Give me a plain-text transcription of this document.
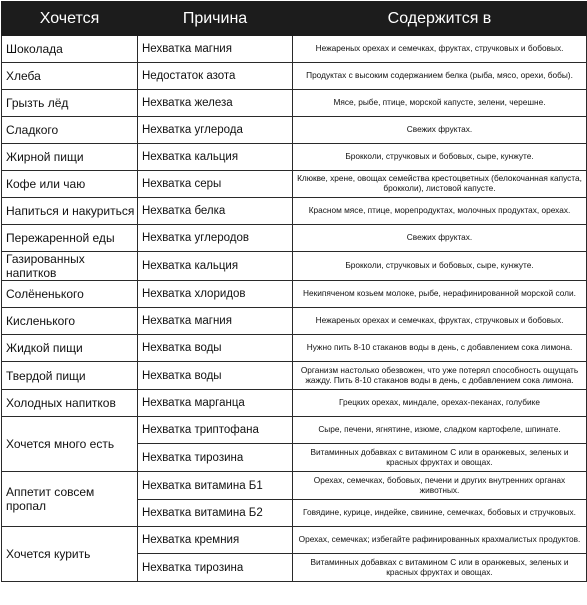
Хочется	Причина	Содержится в
Шоколада	Нехватка магния	Нежареных орехах и семечках, фруктах, стручковых и бобовых.
Хлеба	Недостаток азота	Продуктах с высоким содержанием белка (рыба, мясо, орехи, бобы).
Грызть лёд	Нехватка железа	Мясе, рыбе, птице, морской капусте, зелени, черешне.
Сладкого	Нехватка углерода	Свежих фруктах.
Жирной пищи	Нехватка кальция	Брокколи, стручковых и бобовых, сыре, кунжуте.
Кофе или чаю	Нехватка серы	Клюкве, хрене, овощах семейства крестоцветных (белокочанная капуста, брокколи), листовой капусте.
Напиться и накуриться	Нехватка белка	Красном мясе, птице, морепродуктах, молочных продуктах, орехах.
Пережаренной еды	Нехватка углеродов	Свежих фруктах.
Газированных напитков	Нехватка кальция	Брокколи, стручковых и бобовых, сыре, кунжуте.
Солёненького	Нехватка хлоридов	Некипяченом козьем молоке, рыбе, нерафинированной морской соли.
Кисленького	Нехватка магния	Нежареных орехах и семечках, фруктах, стручковых и бобовых.
Жидкой пищи	Нехватка воды	Нужно пить 8-10 стаканов воды в день, с добавлением сока лимона.
Твердой пищи	Нехватка воды	Организм настолько обезвожен, что уже потерял способность ощущать жажду. Пить 8-10 стаканов воды в день, с добавлением сока лимона.
Холодных напитков	Нехватка марганца	Грецких орехах, миндале, орехах-пеканах, голубике
Хочется много есть	Нехватка триптофана	Сыре, печени, ягнятине, изюме, сладком картофеле, шпинате.
	Нехватка тирозина	Витаминных добавках с витамином С или в оранжевых, зеленых и красных фруктах и овощах.
Аппетит совсем пропал	Нехватка витамина Б1	Орехах, семечках, бобовых, печени и других внутренних органах животных.
	Нехватка витамина Б2	Говядине, курице, индейке, свинине, семечках, бобовых и стручковых.
Хочется курить	Нехватка кремния	Орехах, семечках; избегайте рафинированных крахмалистых продуктов.
	Нехватка тирозина	Витаминных добавках с витамином С или в оранжевых, зеленых и красных фруктах и овощах.
